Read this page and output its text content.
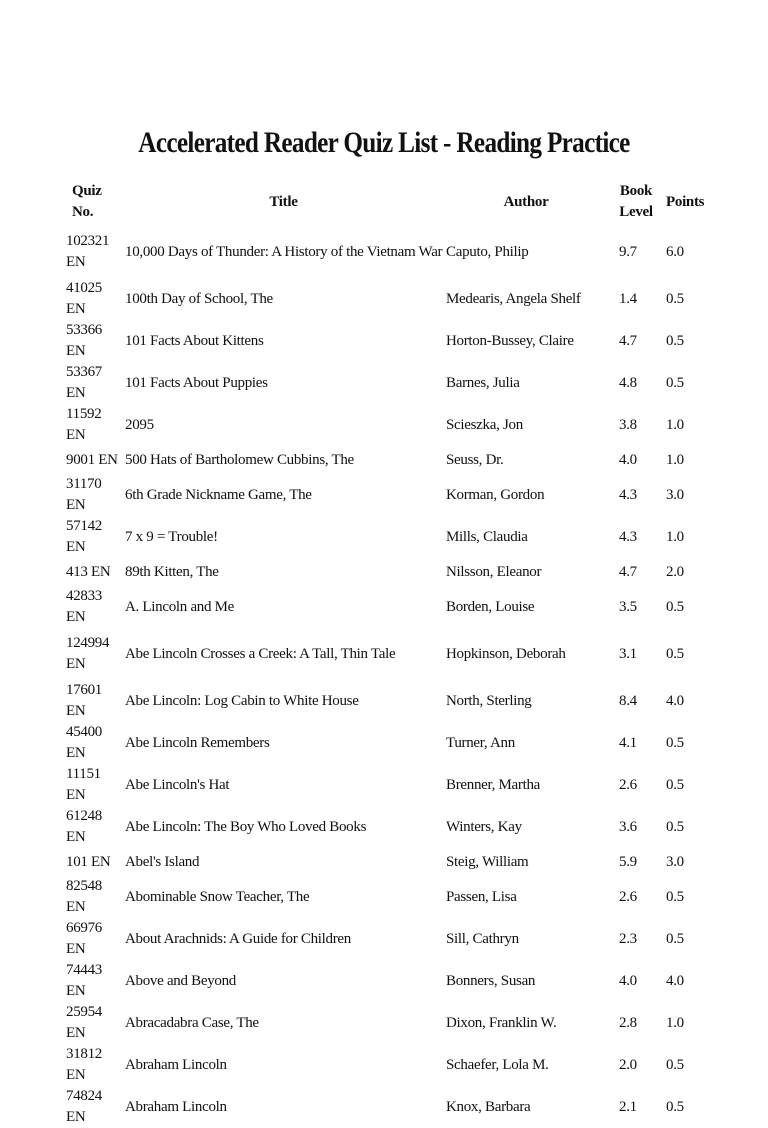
Accelerated Reader Quiz List - Reading Practice
Quiz No.	Title	Author	Book Level	Points
102321 EN	10,000 Days of Thunder: A History of the Vietnam War	Caputo, Philip	9.7	6.0
41025 EN	100th Day of School, The	Medearis, Angela Shelf	1.4	0.5
53366 EN	101 Facts About Kittens	Horton-Bussey, Claire	4.7	0.5
53367 EN	101 Facts About Puppies	Barnes, Julia	4.8	0.5
11592 EN	2095	Scieszka, Jon	3.8	1.0
9001 EN	500 Hats of Bartholomew Cubbins, The	Seuss, Dr.	4.0	1.0
31170 EN	6th Grade Nickname Game, The	Korman, Gordon	4.3	3.0
57142 EN	7 x 9 = Trouble!	Mills, Claudia	4.3	1.0
413 EN	89th Kitten, The	Nilsson, Eleanor	4.7	2.0
42833 EN	A. Lincoln and Me	Borden, Louise	3.5	0.5
124994 EN	Abe Lincoln Crosses a Creek: A Tall, Thin Tale	Hopkinson, Deborah	3.1	0.5
17601 EN	Abe Lincoln: Log Cabin to White House	North, Sterling	8.4	4.0
45400 EN	Abe Lincoln Remembers	Turner, Ann	4.1	0.5
11151 EN	Abe Lincoln's Hat	Brenner, Martha	2.6	0.5
61248 EN	Abe Lincoln: The Boy Who Loved Books	Winters, Kay	3.6	0.5
101 EN	Abel's Island	Steig, William	5.9	3.0
82548 EN	Abominable Snow Teacher, The	Passen, Lisa	2.6	0.5
66976 EN	About Arachnids: A Guide for Children	Sill, Cathryn	2.3	0.5
74443 EN	Above and Beyond	Bonners, Susan	4.0	4.0
25954 EN	Abracadabra Case, The	Dixon, Franklin W.	2.8	1.0
31812 EN	Abraham Lincoln	Schaefer, Lola M.	2.0	0.5
74824 EN	Abraham Lincoln	Knox, Barbara	2.1	0.5
